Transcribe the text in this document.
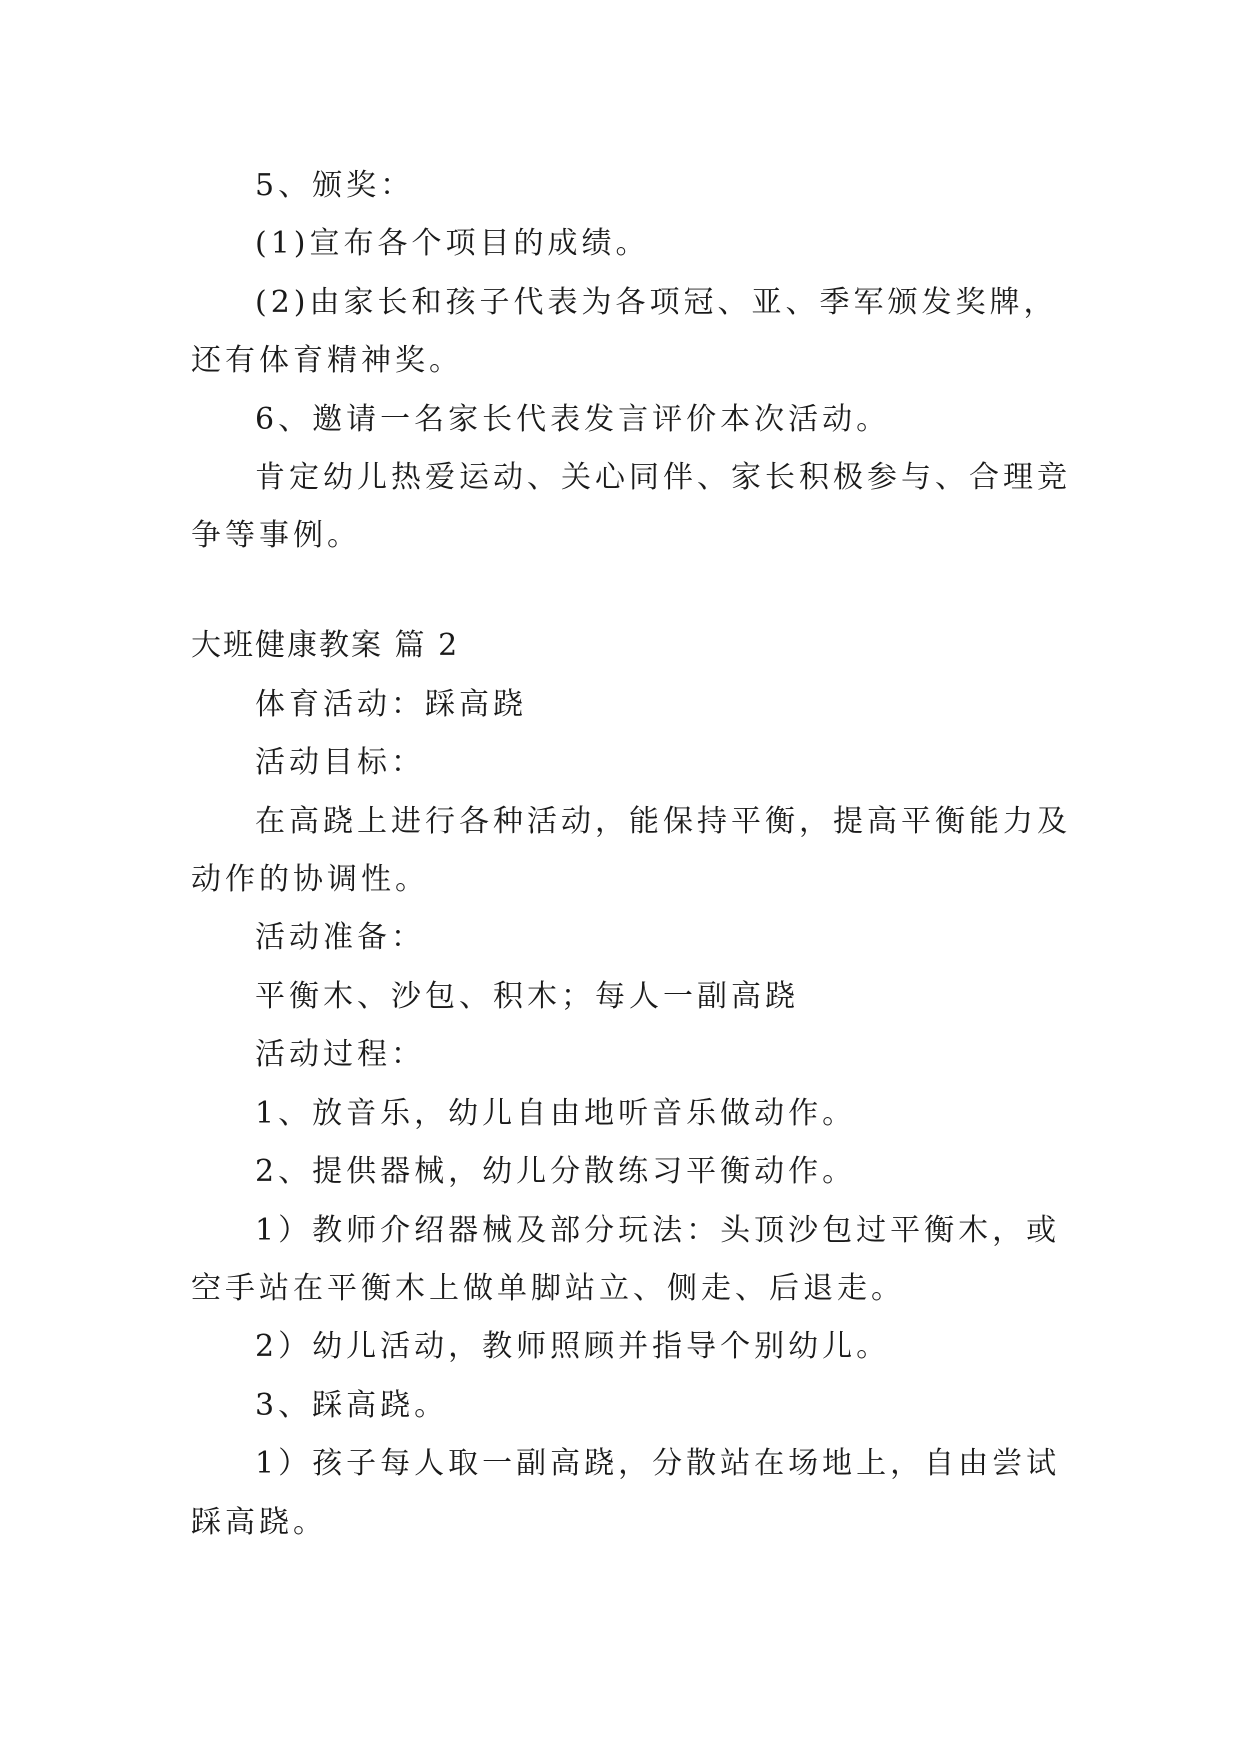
5、颁奖：
(1)宣布各个项目的成绩。
(2)由家长和孩子代表为各项冠、亚、季军颁发奖牌，
还有体育精神奖。
6、邀请一名家长代表发言评价本次活动。
肯定幼儿热爱运动、关心同伴、家长积极参与、合理竞
争等事例。
大班健康教案 篇 2
体育活动：踩高跷
活动目标：
在高跷上进行各种活动，能保持平衡，提高平衡能力及
动作的协调性。
活动准备：
平衡木、沙包、积木；每人一副高跷
活动过程：
1、放音乐，幼儿自由地听音乐做动作。
2、提供器械，幼儿分散练习平衡动作。
1）教师介绍器械及部分玩法：头顶沙包过平衡木，或
空手站在平衡木上做单脚站立、侧走、后退走。
2）幼儿活动，教师照顾并指导个别幼儿。
3、踩高跷。
1）孩子每人取一副高跷，分散站在场地上，自由尝试
踩高跷。
